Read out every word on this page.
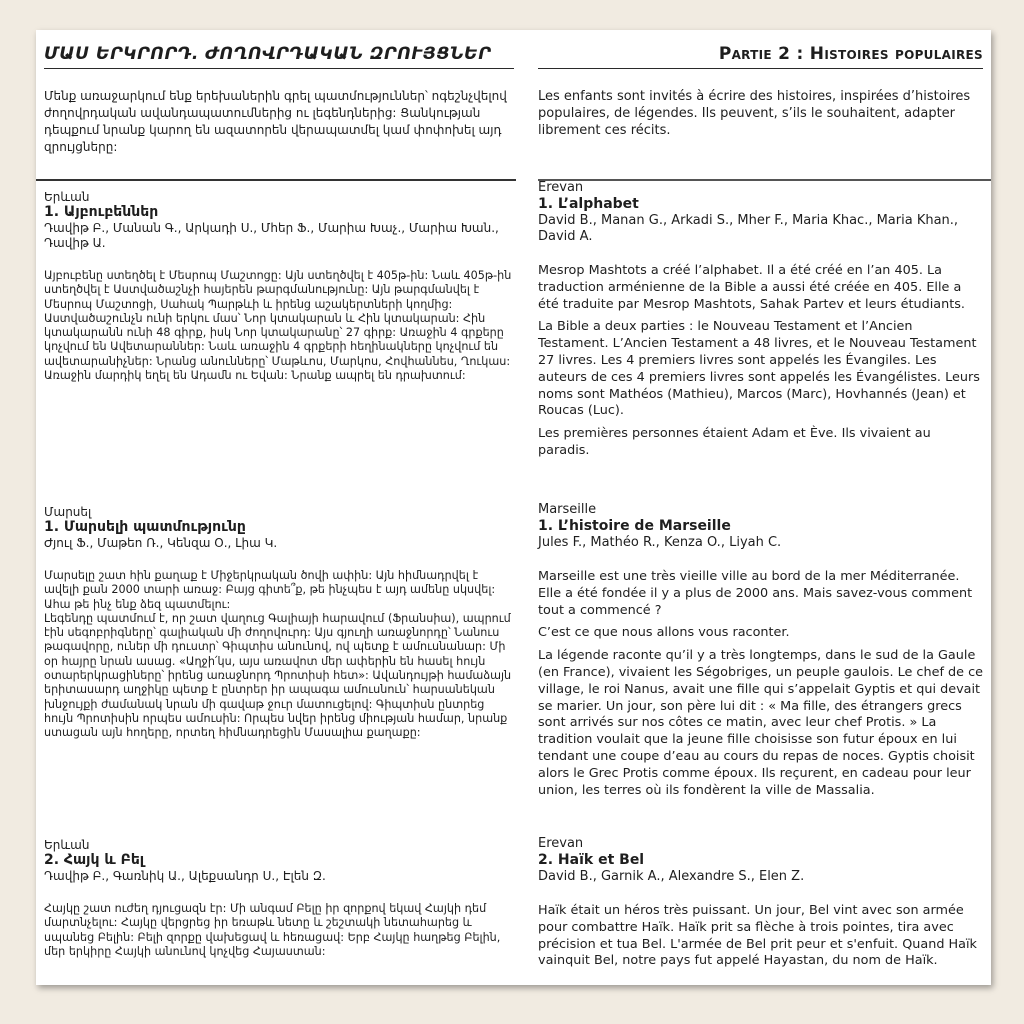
ՄԱՍ ԵՐԿՐՈՐԴ. ԺՈՂՈՎՐԴԱԿԱՆ ԶՐՈՒՅՑՆԵՐ
Մենք առաջարկում ենք երեխաներին գրել պատմություններ՝ ոգեշնչվելով ժողովրդական ավանդապատումներից ու լեգենդներից: Ցանկության դեպքում նրանք կարող են ազատորեն վերապատմել կամ փոփոխել այդ զրույցները:
Երևան
1. Այբուբեններ
Դավիթ Բ., Մանան Գ., Արկադի Ս., Մհեր Ֆ., Մարիա Խաչ., Մարիա Խան., Դավիթ Ա.

Այբուբենը ստեղծել է Մեսրոպ Մաշտոցը: Այն ստեղծվել է 405թ-ին: Նաև 405թ-ին ստեղծվել է Աստվածաշնչի հայերեն թարգմանությունը: Այն թարգմանվել է Մեսրոպ Մաշտոցի, Սահակ Պարթևի և իրենց աշակերտների կողմից:

Աստվածաշունչն ունի երկու մաս՝ Նոր կտակարան և Հին կտակարան: Հին կտակարանն ունի 48 գիրք, իսկ Նոր կտակարանը՝ 27 գիրք: Առաջին 4 գրքերը կոչվում են Ավետարաններ: Նաև առաջին 4 գրքերի հեղինակները կոչվում են ավետարանիչներ: Նրանց անունները՝ Մաթևոս, Մարկոս, Հովհաննես, Ղուկաս: Առաջին մարդիկ եղել են Ադամն ու Եվան: Նրանք ապրել են դրախտում:

Մարսել
1. Մարսելի պատմությունը
Ժյուլ Ֆ., Մաթեո Ռ., Կենզա Օ., Լիա Կ.

Մարսելը շատ հին քաղաք է Միջերկրական ծովի ափին: Այն հիմնադրվել է ավելի քան 2000 տարի առաջ: Բայց գիտե՞ք, թե ինչպես է այդ ամենը սկսվել: Ահա թե ինչ ենք ձեզ պատմելու:

Լեգենդը պատմում է, որ շատ վաղուց Գալիայի հարավում (Ֆրանսիա), ապրում էին սեգոբրիգները՝ գալիական մի ժողովուրդ: Այս գյուղի առաջնորդը՝ Նանուս թագավորը, ուներ մի դուստր՝ Գիպտիս անունով, ով պետք է ամուսնանար: Մի օր հայրը նրան ասաց. «Աղջի՛կս, այս առավոտ մեր ափերին են հասել հույն օտարերկրացիները՝ իրենց առաջնորդ Պրոտիսի հետ»: Ավանդույթի համաձայն երիտասարդ աղջիկը պետք է ընտրեր իր ապագա ամուսնուն՝ հարսանեկան խնջույքի ժամանակ նրան մի գավաթ ջուր մատուցելով: Գիպտիսն ընտրեց հույն Պրոտիսին որպես ամուսին: Որպես նվեր իրենց միության համար, նրանք ստացան այն հողերը, որտեղ հիմնադրեցին Մասալիա քաղաքը:

Երևան
2. Հայկ և Բել
Դավիթ Բ., Գառնիկ Ա., Ալեքսանդր Ս., Էլեն Զ.

Հայկը շատ ուժեղ դյուցազն էր: Մի անգամ Բելը իր զորքով եկավ Հայկի դեմ մարտնչելու: Հայկը վերցրեց իր եռաթև նետը և շեշտակի նետահարեց և սպանեց Բելին: Բելի զորքը վախեցավ և հեռացավ: Երբ Հայկը հաղթեց Բելին, մեր երկիրը Հայկի անունով կոչվեց Հայաստան:

Partie 2 : Histoires populaires
Les enfants sont invités à écrire des histoires, inspirées d’histoires populaires, de légendes. Ils peuvent, s’ils le souhaitent, adapter librement ces récits.
Erevan
1. L’alphabet
David B., Manan G., Arkadi S., Mher F., Maria Khac., Maria Khan., David A.

Mesrop Mashtots a créé l’alphabet. Il a été créé en l’an 405. La traduction arménienne de la Bible a aussi été créée en 405. Elle a été traduite par Mesrop Mashtots, Sahak Partev et leurs étudiants.

La Bible a deux parties : le Nouveau Testament et l’Ancien Testament. L’Ancien Testament a 48 livres, et le Nouveau Testament 27 livres. Les 4 premiers livres sont appelés les Évangiles. Les auteurs de ces 4 premiers livres sont appelés les Évangélistes. Leurs noms sont Mathéos (Mathieu), Marcos (Marc), Hovhannés (Jean) et Roucas (Luc).

Les premières personnes étaient Adam et Ève. Ils vivaient au paradis.

Marseille
1. L’histoire de Marseille
Jules F., Mathéo R., Kenza O., Liyah C.

Marseille est une très vieille ville au bord de la mer Méditerranée. Elle a été fondée il y a plus de 2000 ans. Mais savez-vous comment tout a commencé ?

C’est ce que nous allons vous raconter.

La légende raconte qu’il y a très longtemps, dans le sud de la Gaule (en France), vivaient les Ségobriges, un peuple gaulois. Le chef de ce village, le roi Nanus, avait une fille qui s’appelait Gyptis et qui devait se marier. Un jour, son père lui dit : « Ma fille, des étrangers grecs sont arrivés sur nos côtes ce matin, avec leur chef Protis. » La tradition voulait que la jeune fille choisisse son futur époux en lui tendant une coupe d’eau au cours du repas de noces. Gyptis choisit alors le Grec Protis comme époux. Ils reçurent, en cadeau pour leur union, les terres où ils fondèrent la ville de Massalia.

Erevan
2. Haïk et Bel
David B., Garnik A., Alexandre S., Elen Z.

Haïk était un héros très puissant. Un jour, Bel vint avec son armée pour combattre Haïk. Haïk prit sa flèche à trois pointes, tira avec précision et tua Bel. L'armée de Bel prit peur et s'enfuit. Quand Haïk vainquit Bel, notre pays fut appelé Hayastan, du nom de Haïk.
